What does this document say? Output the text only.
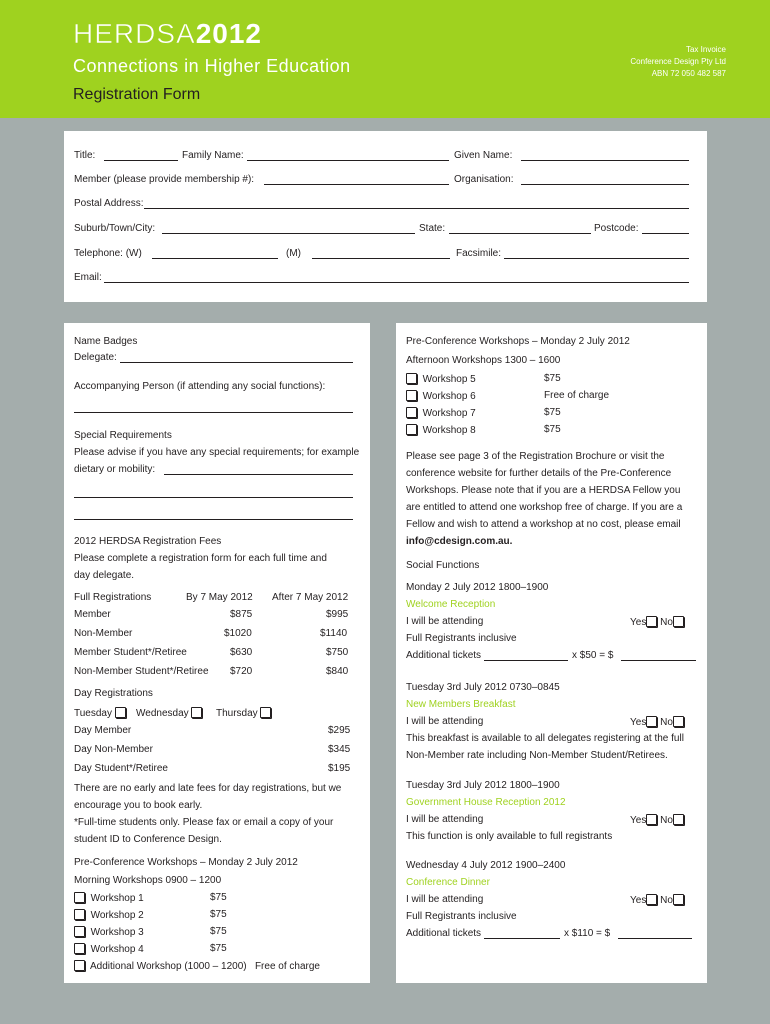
HERDSA2012
Connections in Higher Education
Tax Invoice
Conference Design Pty Ltd
ABN 72 050 482 587
Registration Form
Title:	Family Name:	Given Name:
Member (please provide membership #):	Organisation:
Postal Address:
Suburb/Town/City:	State:	Postcode:
Telephone: (W)	(M)	Facsimile:
Email:
Name Badges
Delegate:
Accompanying Person (if attending any social functions):
Special Requirements
Please advise if you have any special requirements; for example
dietary or mobility:
2012 HERDSA Registration Fees
Please complete a registration form for each full time and
day delegate.
Full Registrations	By 7 May 2012 After 7 May 2012
Member	$875	$995
Non-Member	$1020	$1140
Member Student*/Retiree	$630	$750
Non-Member Student*/Retiree $720	$840
Day Registrations
Tuesday	Wednesday	Thursday
Day Member	$295
Day Non-Member	$345
Day Student*/Retiree	$195
There are no early and late fees for day registrations, but we
encourage you to book early.
*Full-time students only. Please fax or email a copy of your
student ID to Conference Design.
Pre-Conference Workshops – Monday 2 July 2012
Morning Workshops 0900 – 1200
Workshop 1	$75
Workshop 2	$75
Workshop 3	$75
Workshop 4	$75
Additional Workshop (1000 – 1200) Free of charge
Pre-Conference Workshops – Monday 2 July 2012
Afternoon Workshops 1300 – 1600
Workshop 5	$75
Workshop 6	Free of charge
Workshop 7	$75
Workshop 8	$75
Please see page 3 of the Registration Brochure or visit the
conference website for further details of the Pre-Conference
Workshops. Please note that if you are a HERDSA Fellow you
are entitled to attend one workshop free of charge. If you are a
Fellow and wish to attend a workshop at no cost, please email
info@cdesign.com.au.
Social Functions
Monday 2 July 2012 1800–1900
Welcome Reception
I will be attending	Yes No
Full Registrants inclusive
Additional tickets	x $50 = $
Tuesday 3rd July 2012 0730–0845
New Members Breakfast
I will be attending	Yes No
This breakfast is available to all delegates registering at the full
Non-Member rate including Non-Member Student/Retirees.
Tuesday 3rd July 2012 1800–1900
Government House Reception 2012
I will be attending	Yes No
This function is only available to full registrants
Wednesday 4 July 2012 1900–2400
Conference Dinner
I will be attending	Yes No
Full Registrants inclusive
Additional tickets	x $110 = $
